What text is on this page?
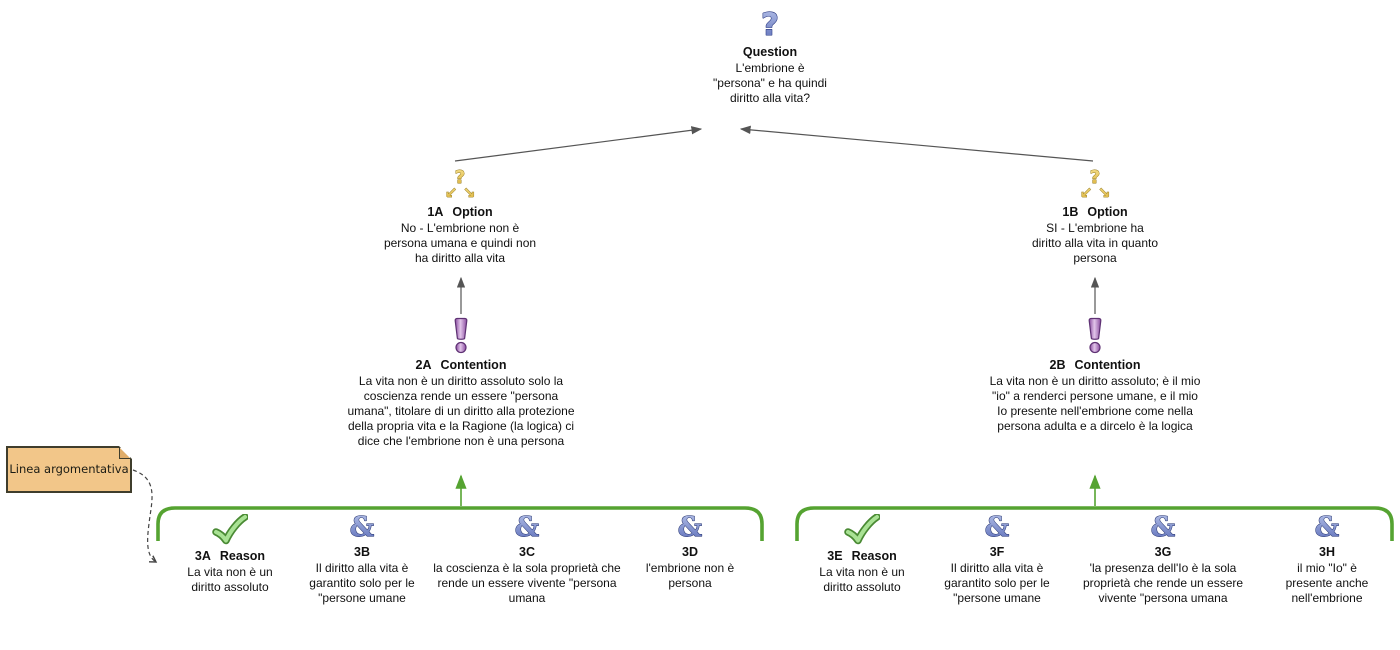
?
Question
L'embrione è "persona" e ha quindi diritto alla vita?
?
↙ ↘
1A Option
No - L'embrione non è persona umana e quindi non ha diritto alla vita
?
↙ ↘
1B Option
SI - L'embrione ha diritto alla vita in quanto persona
2A Contention
La vita non è un diritto assoluto solo la coscienza rende un essere "persona umana", titolare di un diritto alla protezione della propria vita e la Ragione (la logica) ci dice che l'embrione non è una persona
2B Contention
La vita non è un diritto assoluto; è il mio "io" a renderci persone umane, e il mio Io presente nell'embrione come nella persona adulta e a dircelo è la logica
3A Reason
La vita non è un diritto assoluto
&
3B
Il diritto alla vita è garantito solo per le "persone umane
&
3C
la coscienza è la sola proprietà che rende un essere vivente "persona umana
&
3D
l'embrione non è persona
3E Reason
La vita non è un diritto assoluto
&
3F
Il diritto alla vita è garantito solo per le "persone umane
&
3G
'la presenza dell'Io è la sola proprietà che rende un essere vivente "persona umana
&
3H
il mio "Io" è presente anche nell'embrione
Linea argomentativa
